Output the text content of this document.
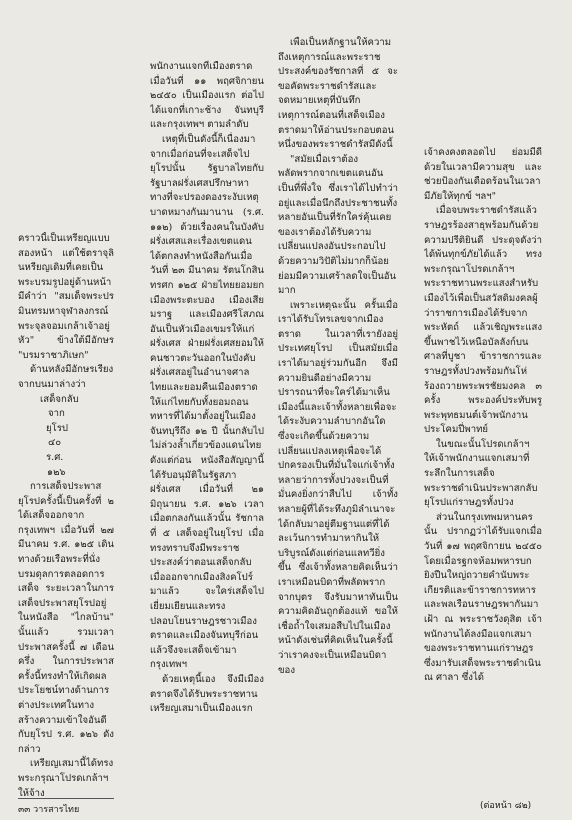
คราวนี้เป็นเหรียญแบบสองหน้า แต่ใช้ตราจุลินหรียญเดิมที่เคยเป็นพระบรมรูปอยู่ด้านหน้ามีคำว่า "สมเด็จพระปรมินทรมหาจุฬาลงกรณ์ พระจุลจอมเกล้าเจ้าอยู่หัว" ข้างใต้มีอักษร "บรมราชาภิเษก"

ด้านหลังมีอักษรเรียงจากบนมาล่างว่า

เสด็จกลับ

จาก

ยุโรป

๔๐

ร.ศ.

๑๒๖

การเสด็จประพาสยุโรปครั้งนี้เป็นครั้งที่ ๒ ได้เสด็จออกจากกรุงเทพฯ เมื่อวันที่ ๒๗ มีนาคม ร.ศ. ๑๒๕ เดินทางด้วยเรือพระที่นั่ง บรมดุลการตลอดการเสด็จ ระยะเวลาในการเสด็จประพาสยุโรปอยู่ในหนังสือ "ไกลบ้าน" นั้นแล้ว รวมเวลาประพาสครั้งนี้ ๗ เดือนครึ่ง ในการประพาสครั้งนี้ทรงทำให้เกิดผลประโยชน์ทางด้านการต่างประเทศในทางสร้างความเข้าใจอันดีกับยุโรป ร.ศ. ๑๒๖ ดังกล่าว

เหรียญเสมานี้ได้ทรงพระกรุณาโปรดเกล้าฯ ให้จ้าง

พนักงานแจกที่เมืองตราด เมื่อวันที่ ๑๑ พฤศจิกายน ๒๔๕๐ เป็นเมืองแรก ต่อไปได้แจกที่เกาะช้าง จันทบุรี และกรุงเทพฯ ตามลำดับ

เหตุที่เป็นดังนี้ก็เนื่องมาจากเมื่อก่อนที่จะเสด็จไปยุโรปนั้น รัฐบาลไทยกับรัฐบาลฝรั่งเศสปรึกษาหาทางที่จะปรองดองระงับเหตุบาดหมางกันมานาน (ร.ศ. ๑๑๒) ด้วยเรื่องคนในบังคับฝรั่งเศสและเรื่องเขตแดน ได้ตกลงทำหนังสือกันเมื่อวันที่ ๒๓ มีนาคม รัตนโกสินทรศก ๑๒๕ ฝ่ายไทยยอมยกเมืองพระตะบอง เมืองเสียมราฐ และเมืองศรีโสภณ อันเป็นหัวเมืองเขมรให้แก่ฝรั่งเศส ฝ่ายฝรั่งเศสยอมให้คนชาวตะวันออกในบังคับฝรั่งเศสอยู่ในอำนาจศาลไทยและยอมคืนเมืองตราดให้แก่ไทยกับทั้งยอมถอนทหารที่ได้มาตั้งอยู่ในเมืองจันทบุรีถึง ๑๒ ปี นั้นกลับไป ไม่ล่วงล้ำเกี่ยวข้องแดนไทยดังแต่ก่อน หนังสือสัญญานี้ได้รับอนุมัติในรัฐสภาฝรั่งเศส เมื่อวันที่ ๒๑ มิถุนายน ร.ศ. ๑๒๖ เวลาเมื่อตกลงกันแล้วนั้น รัชกาลที่ ๕ เสด็จอยู่ในยุโรป เมื่อทรงทราบจึงมีพระราชประสงค์ว่าตอนเสด็จกลับ เมื่อออกจากเมืองสิงคโปร์มาแล้ว จะใคร่เสด็จไปเยี่ยมเยียนและทรงปลอบโยนราษฎรชาวเมืองตราดและเมืองจันทบุรีก่อน แล้วจึงจะเสด็จเข้ามากรุงเทพฯ

ด้วยเหตุนี้เอง จึงมีเมืองตราดจึงได้รับพระราชทานเหรียญเสมาเป็นเมืองแรก

เพื่อเป็นหลักฐานให้ความถึงเหตุการณ์และพระราชประสงค์ของรัชกาลที่ ๕ จะขอคัดพระราชดำรัสและจดหมายเหตุที่บันทึกเหตุการณ์ตอนที่เสด็จเมืองตราดมาให้อ่านประกอบตอนหนึ่งของพระราชดำรัสมีดังนี้

"สมัยเมื่อเราต้องพลัดพรากจากเขตแดนอันเป็นที่พึ่งใจ ซึ่งเราได้ไปทำว่าอยู่และเมื่อนึกถึงประชาชนทั้งหลายอันเป็นที่รักใคร่คุ้นเคยของเราต้องได้รับความเปลี่ยนแปลงอันประกอบไปด้วยความวิปัติไม่มากก็น้อย ย่อมมีความเศร้าลดใจเป็นอันมาก

เพราะเหตุฉะนั้น ครั้นเมื่อเราได้รับโทรเลขจากเมืองตราด ในเวลาที่เรายังอยู่ประเทศยุโรป เป็นสมัยเมื่อเราได้มาอยู่ร่วมกันอีก จึงมีความยินดีอย่างมีความปรารถนาที่จะใคร่ได้มาเห็นเมืองนี้และเจ้าทั้งหลายเพื่อจะได้ระงับความลำบากอันใด ซึ่งจะเกิดขึ้นด้วยความเปลี่ยนแปลงเหตุเพื่อจะได้ปกครองเป็นที่มั่นใจแก่เจ้าทั้งหลายว่าการทั้งปวงจะเป็นที่มั่นคงยิ่งกว่าสืบไป เจ้าทั้งหลายผู้ที่ได้ระทึงภูมิลำเนาจะได้กลับมาอยู่ตีมฐานแต่ที่ได้ละเว้นการทำมาหากินให้บริบูรณ์ดังแต่ก่อนแลทวียิ่งขึ้น ซึ่งเจ้าทั้งหลายคิดเห็นว่าเราเหมือนบิดาที่พลัดพรากจากบุตร จึงรับมาหาทันเป็นความคิดอันถูกต้องแท้ ขอให้เชื่อถ้ำใจเสมอสืบไปในเมืองหน้าดังเช่นที่คิดเห็นในครั้งนี้ ว่าเราคงจะเป็นเหมือนบิดาของ

เจ้าคงคงตลอดไป ย่อมมีดีด้วยในเวลามีความสุข และช่วยป้องกันเดือดร้อนในเวลามีภัยให้ทุกข์ ฯลฯ"

เมื่อจบพระราชดำรัสแล้ว ราษฎรร้องสาธุพร้อมกันด้วยความปรีติยินดี ประดุจดังว่าได้พ้นทุกข์ภัยได้แล้ว ทรงพระกรุณาโปรดเกล้าฯ พระราชทานพระแสงสำหรับเมืองไว้เพื่อเป็นสวัสดิมงคลผู้ว่าราชการเมืองได้รับจากพระหัตถ์ แล้วเชิญพระแสงขึ้นพาชไว้เหนือบัลลังก์บนศาลที่บูชา ข้าราชการและราษฎรทั้งปวงพร้อมกันโห่ร้องถวายพระพรชัยมงคล ๓ ครั้ง พระองค์ประทับพรูพระพุทธมนต์เจ้าพนักงานประโคมปี่พาทย์

ในขณะนั้นโปรดเกล้าฯ ให้เจ้าพนักงานแจกเสมาที่ระลึกในการเสด็จพระราชดำเนินประพาสกลับยุโรปแก่ราษฎรทั้งปวง

ส่วนในกรุงเทพมหานครนั้น ปรากฏว่าได้รับแจกเมื่อวันที่ ๑๗ พฤศจิกายน ๒๔๕๐ โดยเมื่อรฐกจห้อมพหารบกยิงปืนใหญ่ถวายคำนับพระเกียรติและข้าราชการทหารและพลเรือนราษฎรพากันมาเฝ้า ณ พระราชวังดุสิต เจ้าพนักงานได้ลงมือแจกเสมาของพระราชทานแก่ราษฎร ซึ่งมารับเสด็จพระราชดำเนิน ณ ศาลา ซึ่งได้

๓๓ วารสารไทย	(ต่อหน้า ๘๒)
